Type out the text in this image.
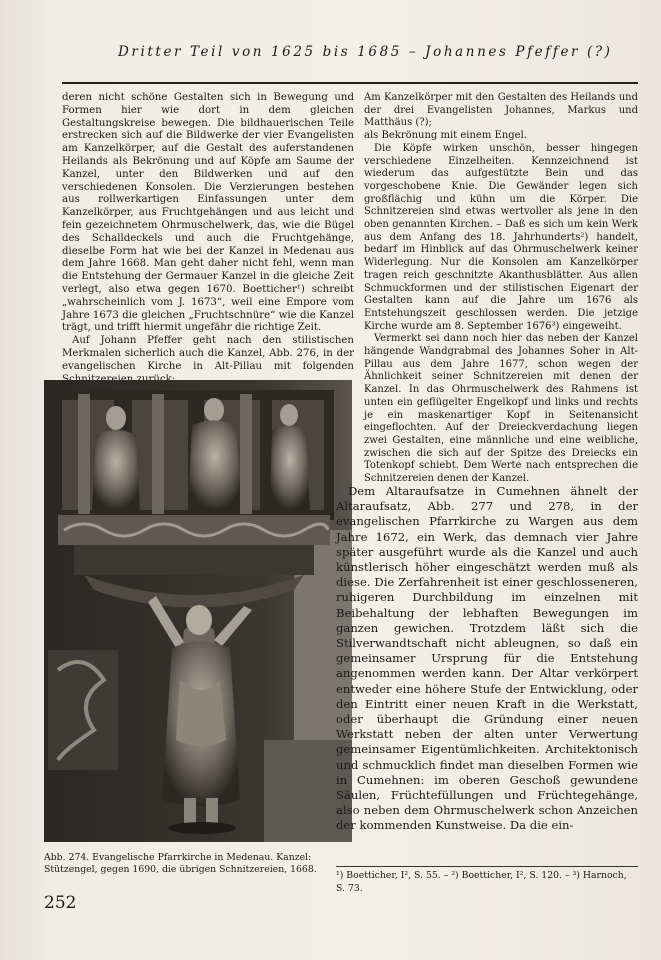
Dritter Teil von 1625 bis 1685 – Johannes Pfeffer (?)

deren nicht schöne Gestalten sich in Bewegung und Formen hier wie dort in dem gleichen Gestaltungskreise bewegen. Die bildhauerischen Teile erstrecken sich auf die Bildwerke der vier Evangelisten am Kanzelkörper, auf die Gestalt des auferstandenen Heilands als Bekrönung und auf Köpfe am Saume der Kanzel, unter den Bildwerken und auf den verschiedenen Konsolen. Die Verzierungen bestehen aus rollwerkartigen Einfassungen unter dem Kanzelkörper, aus Fruchtgehängen und aus leicht und fein gezeichnetem Ohrmuschelwerk, das, wie die Bügel des Schalldeckels und auch die Fruchtgehänge, dieselbe Form hat wie bei der Kanzel in Medenau aus dem Jahre 1668. Man geht daher nicht fehl, wenn man die Entstehung der Germauer Kanzel in die gleiche Zeit verlegt, also etwa gegen 1670. Boetticher¹) schreibt „wahrscheinlich vom J. 1673“, weil eine Empore vom Jahre 1673 die gleichen „Fruchtschnüre“ wie die Kanzel trägt, und trifft hiermit ungefähr die richtige Zeit.

Auf Johann Pfeffer geht nach den stilistischen Merkmalen sicherlich auch die Kanzel, Abb. 276, in der evangelischen Kirche in Alt-Pillau mit folgenden

Am Kanzelkörper mit den Gestalten des Heilands und der drei Evangelisten Johannes, Markus und Matthäus (?);

als Bekrönung mit einem Engel.

Die Köpfe wirken unschön, besser hingegen verschiedene Einzelheiten. Kennzeichnend ist wiederum das aufgestützte Bein und das vorgeschobene Knie. Die Gewänder legen sich großflächig und kühn um die Körper. Die Schnitzereien sind etwas wertvoller als jene in den oben genannten Kirchen. – Daß es sich um kein Werk aus dem Anfang des 18. Jahrhunderts²) handelt, bedarf im Hinblick auf das Ohrmuschelwerk keiner Widerlegung. Nur die Konsolen am Kanzelkörper tragen reich geschnitzte Akanthusblätter. Aus allen Schmuckformen und der stilistischen Eigenart der Gestalten kann auf die Jahre um 1676 als Entstehungszeit geschlossen werden. Die jetzige Kirche wurde am 8. September 1676³) eingeweiht.

Vermerkt sei dann noch hier das neben der Kanzel hängende Wandgrabmal des Johannes Soher in Alt-Pillau aus dem Jahre 1677, schon wegen der Ähnlichkeit seiner Schnitzereien mit denen der Kanzel. In das Ohrmuschelwerk des Rahmens ist unten ein geflügelter Engelkopf und links und rechts je ein maskenartiger Kopf in Seitenansicht eingeflochten. Auf der Dreieckverdachung liegen zwei Gestalten, eine männliche und eine weibliche, zwischen die sich auf der Spitze des Dreiecks ein Totenkopf schiebt. Dem Werte nach entsprechen die Schnitzereien denen der Kanzel.

Abb. 274. Evangelische Pfarrkirche in Medenau. Kanzel: Stützengel, gegen 1690, die übrigen Schnitzereien, 1668.

Dem Altaraufsatze in Cumehnen ähnelt der Altaraufsatz, Abb. 277 und 278, in der evangelischen Pfarrkirche zu Wargen aus dem Jahre 1672, ein Werk, das demnach vier Jahre später ausgeführt wurde als die Kanzel und auch künstlerisch höher eingeschätzt werden muß als diese. Die Zerfahrenheit ist einer geschlosseneren, ruhigeren Durchbildung im einzelnen mit Beibehaltung der lebhaften Bewegungen im ganzen gewichen. Trotzdem läßt sich die Stilverwandtschaft nicht ableugnen, so daß ein gemeinsamer Ursprung für die Entstehung angenommen werden kann. Der Altar verkörpert entweder eine höhere Stufe der Entwicklung, oder den Eintritt einer neuen Kraft in die Werkstatt, oder überhaupt die Gründung einer neuen Werkstatt neben der alten unter Verwertung gemeinsamer Eigentümlichkeiten. Architektonisch und schmucklich findet man dieselben Formen wie in Cumehnen: im oberen Geschoß gewundene Säulen, Früchtefüllungen und Früchtegehänge, also neben dem Ohrmuschelwerk schon Anzeichen der kommenden Kunstweise. Da die ein-

¹) Boetticher, I², S. 55. – ²) Boetticher, I², S. 120. – ³) Harnoch, S. 73.
252
